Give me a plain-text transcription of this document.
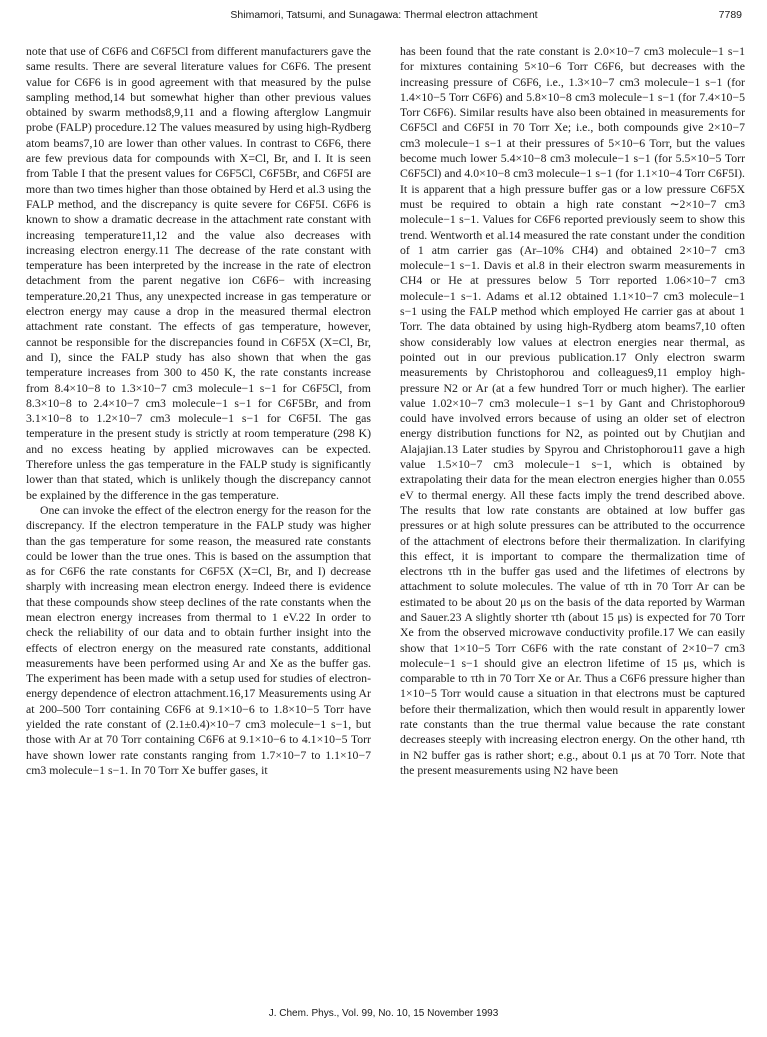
Shimamori, Tatsumi, and Sunagawa: Thermal electron attachment	7789

note that use of C6F6 and C6F5Cl from different manufacturers gave the same results. There are several literature values for C6F6. The present value for C6F6 is in good agreement with that measured by the pulse sampling method,14 but somewhat higher than other previous values obtained by swarm methods8,9,11 and a flowing afterglow Langmuir probe (FALP) procedure.12 The values measured by using high-Rydberg atom beams7,10 are lower than other values. In contrast to C6F6, there are few previous data for compounds with X=Cl, Br, and I. It is seen from Table I that the present values for C6F5Cl, C6F5Br, and C6F5I are more than two times higher than those obtained by Herd et al.3 using the FALP method, and the discrepancy is quite severe for C6F5I. C6F6 is known to show a dramatic decrease in the attachment rate constant with increasing temperature11,12 and the value also decreases with increasing electron energy.11 The decrease of the rate constant with temperature has been interpreted by the increase in the rate of electron detachment from the parent negative ion C6F6− with increasing temperature.20,21 Thus, any unexpected increase in gas temperature or electron energy may cause a drop in the measured thermal electron attachment rate constant. The effects of gas temperature, however, cannot be responsible for the discrepancies found in C6F5X (X=Cl, Br, and I), since the FALP study has also shown that when the gas temperature increases from 300 to 450 K, the rate constants increase from 8.4×10−8 to 1.3×10−7 cm3 molecule−1 s−1 for C6F5Cl, from 8.3×10−8 to 2.4×10−7 cm3 molecule−1 s−1 for C6F5Br, and from 3.1×10−8 to 1.2×10−7 cm3 molecule−1 s−1 for C6F5I. The gas temperature in the present study is strictly at room temperature (298 K) and no excess heating by applied microwaves can be expected. Therefore unless the gas temperature in the FALP study is significantly lower than that stated, which is unlikely though the discrepancy cannot be explained by the difference in the gas temperature.

One can invoke the effect of the electron energy for the reason for the discrepancy. If the electron temperature in the FALP study was higher than the gas temperature for some reason, the measured rate constants could be lower than the true ones. This is based on the assumption that as for C6F6 the rate constants for C6F5X (X=Cl, Br, and I) decrease sharply with increasing mean electron energy. Indeed there is evidence that these compounds show steep declines of the rate constants when the mean electron energy increases from thermal to 1 eV.22 In order to check the reliability of our data and to obtain further insight into the effects of electron energy on the measured rate constants, additional measurements have been performed using Ar and Xe as the buffer gas. The experiment has been made with a setup used for studies of electron-energy dependence of electron attachment.16,17 Measurements using Ar at 200–500 Torr containing C6F6 at 9.1×10−6 to 1.8×10−5 Torr have yielded the rate constant of (2.1±0.4)×10−7 cm3 molecule−1 s−1, but those with Ar at 70 Torr containing C6F6 at 9.1×10−6 to 4.1×10−5 Torr have shown lower rate constants ranging from 1.7×10−7 to 1.1×10−7 cm3 molecule−1 s−1. In 70 Torr Xe buffer gases, it

has been found that the rate constant is 2.0×10−7 cm3 molecule−1 s−1 for mixtures containing 5×10−6 Torr C6F6, but decreases with the increasing pressure of C6F6, i.e., 1.3×10−7 cm3 molecule−1 s−1 (for 1.4×10−5 Torr C6F6) and 5.8×10−8 cm3 molecule−1 s−1 (for 7.4×10−5 Torr C6F6). Similar results have also been obtained in measurements for C6F5Cl and C6F5I in 70 Torr Xe; i.e., both compounds give 2×10−7 cm3 molecule−1 s−1 at their pressures of 5×10−6 Torr, but the values become much lower 5.4×10−8 cm3 molecule−1 s−1 (for 5.5×10−5 Torr C6F5Cl) and 4.0×10−8 cm3 molecule−1 s−1 (for 1.1×10−4 Torr C6F5I). It is apparent that a high pressure buffer gas or a low pressure C6F5X must be required to obtain a high rate constant ∼2×10−7 cm3 molecule−1 s−1. Values for C6F6 reported previously seem to show this trend. Wentworth et al.14 measured the rate constant under the condition of 1 atm carrier gas (Ar–10% CH4) and obtained 2×10−7 cm3 molecule−1 s−1. Davis et al.8 in their electron swarm measurements in CH4 or He at pressures below 5 Torr reported 1.06×10−7 cm3 molecule−1 s−1. Adams et al.12 obtained 1.1×10−7 cm3 molecule−1 s−1 using the FALP method which employed He carrier gas at about 1 Torr. The data obtained by using high-Rydberg atom beams7,10 often show considerably low values at electron energies near thermal, as pointed out in our previous publication.17 Only electron swarm measurements by Christophorou and colleagues9,11 employ high-pressure N2 or Ar (at a few hundred Torr or much higher). The earlier value 1.02×10−7 cm3 molecule−1 s−1 by Gant and Christophorou9 could have involved errors because of using an older set of electron energy distribution functions for N2, as pointed out by Chutjian and Alajajian.13 Later studies by Spyrou and Christophorou11 gave a high value 1.5×10−7 cm3 molecule−1 s−1, which is obtained by extrapolating their data for the mean electron energies higher than 0.055 eV to thermal energy. All these facts imply the trend described above. The results that low rate constants are obtained at low buffer gas pressures or at high solute pressures can be attributed to the occurrence of the attachment of electrons before their thermalization. In clarifying this effect, it is important to compare the thermalization time of electrons τth in the buffer gas used and the lifetimes of electrons by attachment to solute molecules. The value of τth in 70 Torr Ar can be estimated to be about 20 μs on the basis of the data reported by Warman and Sauer.23 A slightly shorter τth (about 15 μs) is expected for 70 Torr Xe from the observed microwave conductivity profile.17 We can easily show that 1×10−5 Torr C6F6 with the rate constant of 2×10−7 cm3 molecule−1 s−1 should give an electron lifetime of 15 μs, which is comparable to τth in 70 Torr Xe or Ar. Thus a C6F6 pressure higher than 1×10−5 Torr would cause a situation in that electrons must be captured before their thermalization, which then would result in apparently lower rate constants than the true thermal value because the rate constant decreases steeply with increasing electron energy. On the other hand, τth in N2 buffer gas is rather short; e.g., about 0.1 μs at 70 Torr. Note that the present measurements using N2 have been

J. Chem. Phys., Vol. 99, No. 10, 15 November 1993
